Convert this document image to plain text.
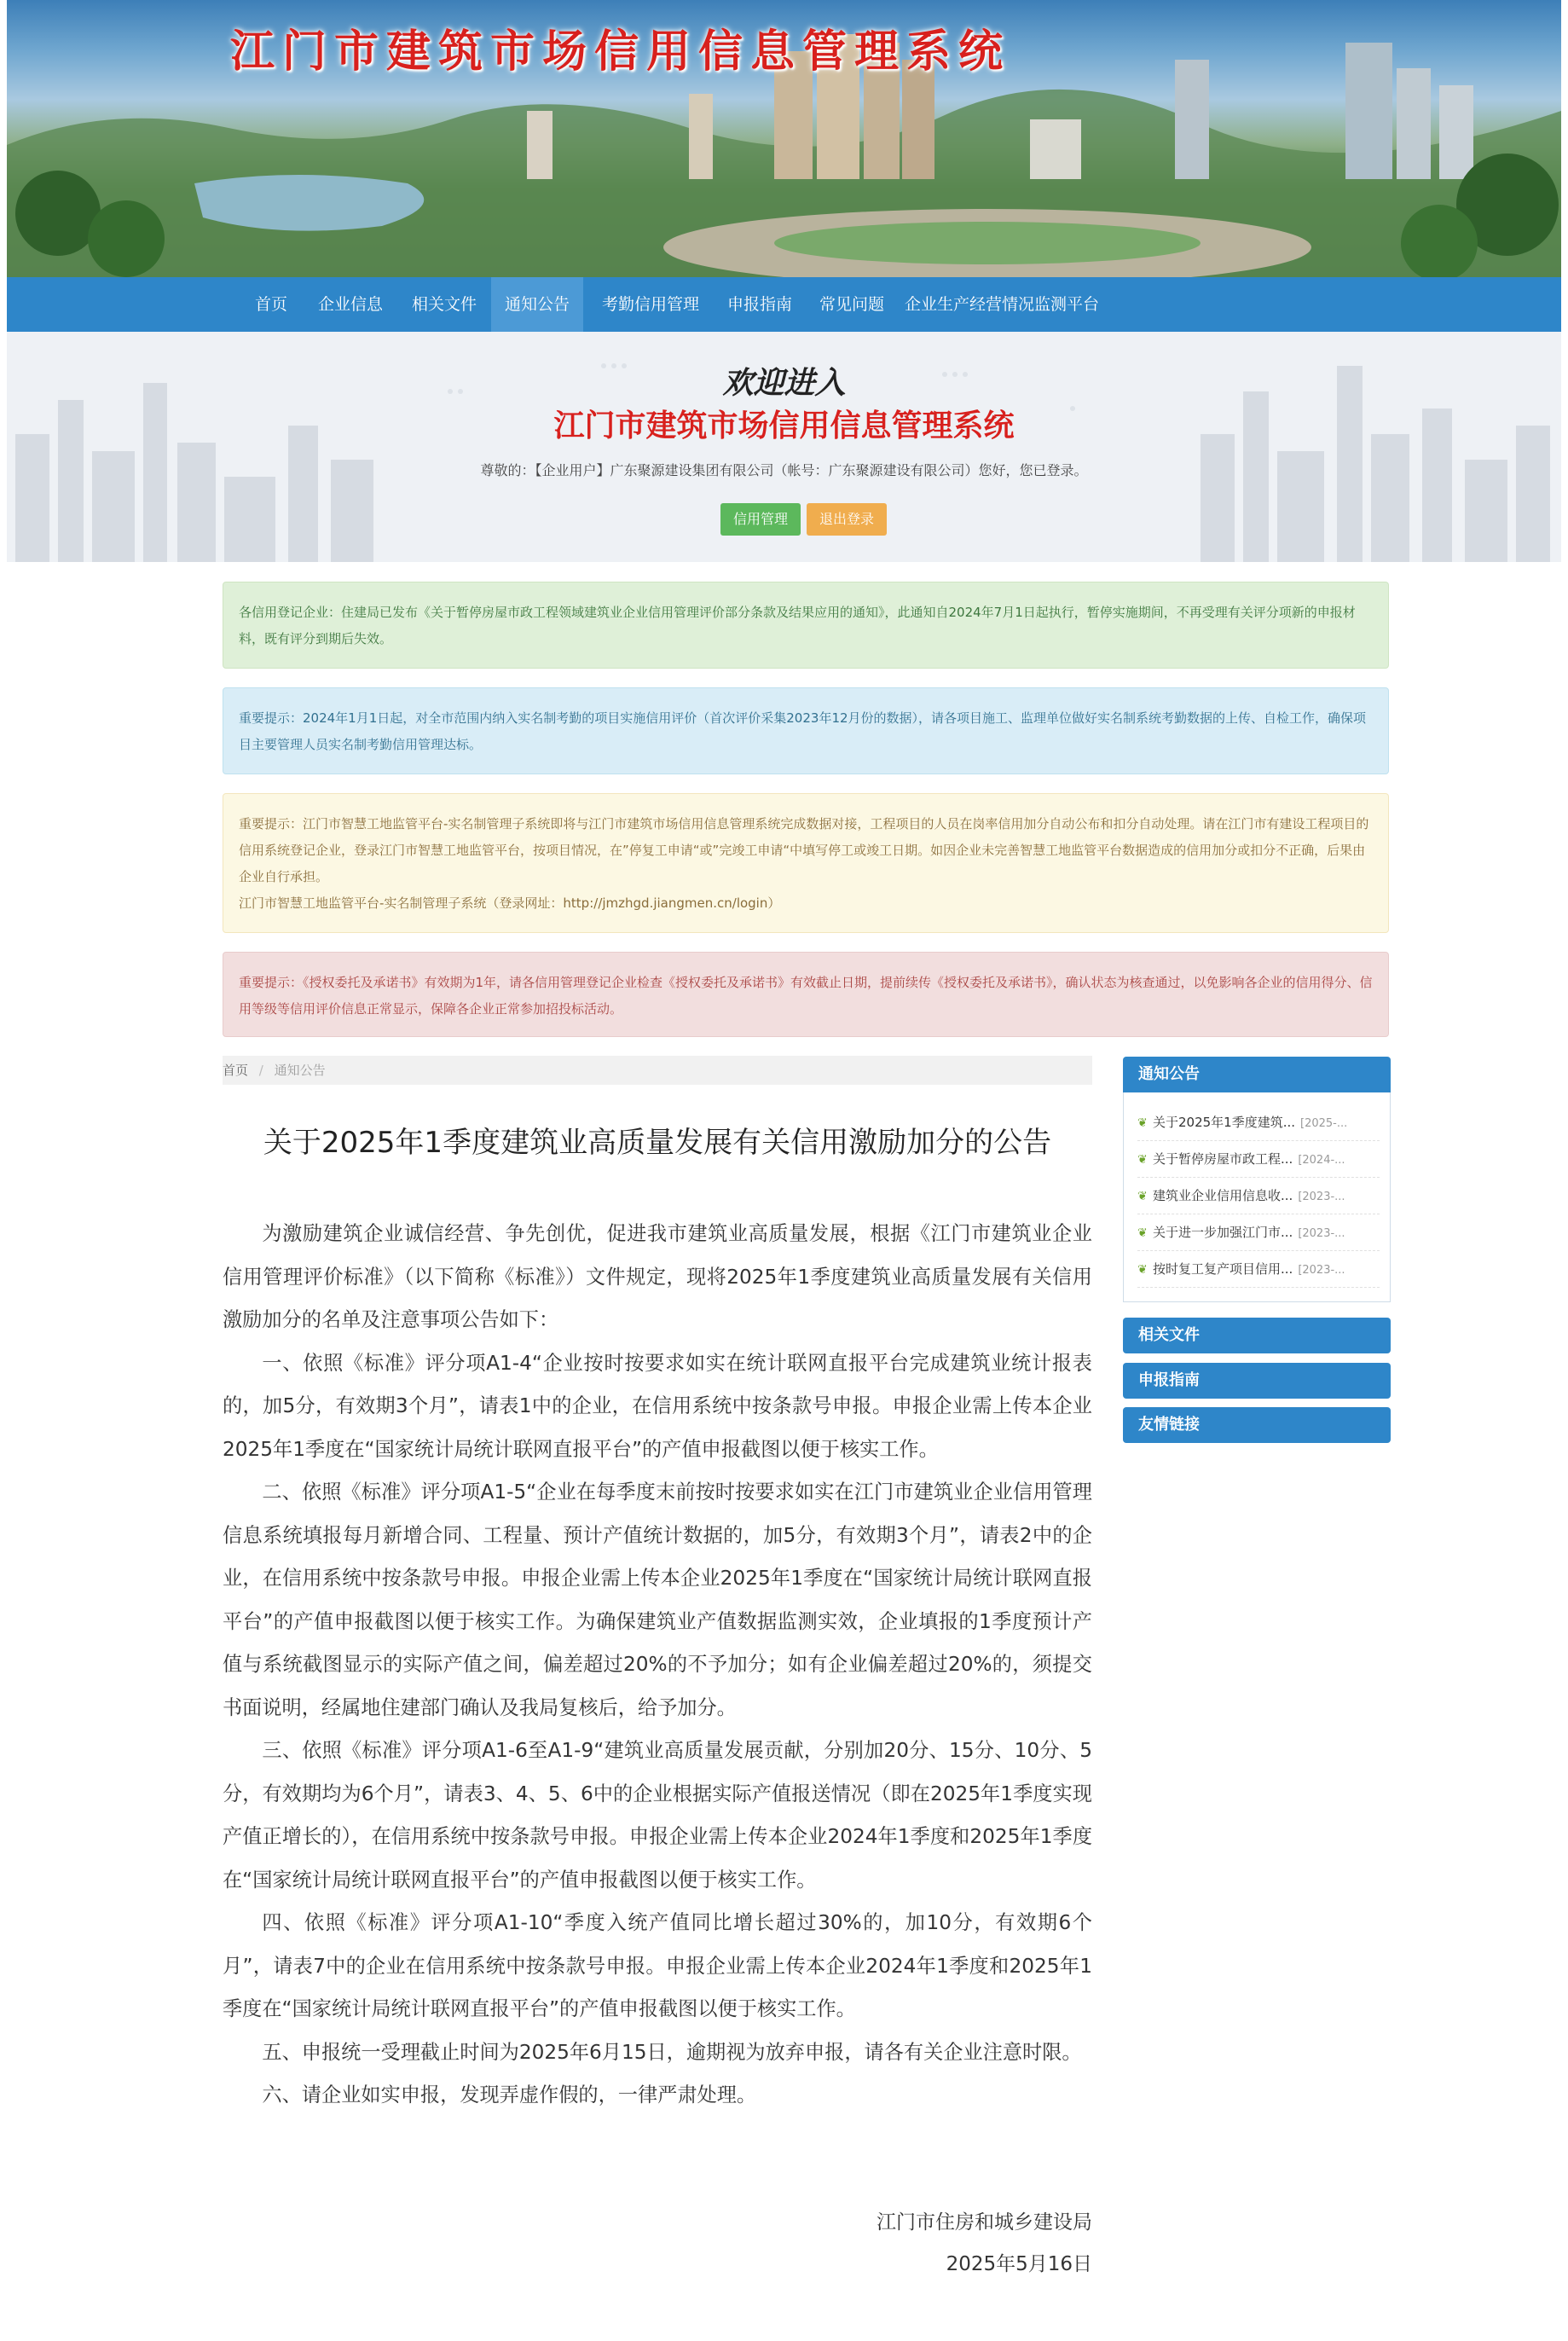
江门市建筑市场信用信息管理系统
首页	企业信息	相关文件	通知公告	考勤信用管理	申报指南	常见问题	企业生产经营情况监测平台
欢迎进入
江门市建筑市场信用信息管理系统
尊敬的：【企业用户】广东聚源建设集团有限公司（帐号：广东聚源建设有限公司）您好，您已登录。
信用管理	退出登录

各信用登记企业：住建局已发布《关于暂停房屋市政工程领域建筑业企业信用管理评价部分条款及结果应用的通知》，此通知自2024年7月1日起执行，暂停实施期间，不再受理有关评分项新的申报材料，既有评分到期后失效。

重要提示：2024年1月1日起，对全市范围内纳入实名制考勤的项目实施信用评价（首次评价采集2023年12月份的数据），请各项目施工、监理单位做好实名制系统考勤数据的上传、自检工作，确保项目主要管理人员实名制考勤信用管理达标。

重要提示：江门市智慧工地监管平台-实名制管理子系统即将与江门市建筑市场信用信息管理系统完成数据对接，工程项目的人员在岗率信用加分自动公布和扣分自动处理。请在江门市有建设工程项目的信用系统登记企业，登录江门市智慧工地监管平台，按项目情况，在”停复工申请“或”完竣工申请“中填写停工或竣工日期。如因企业未完善智慧工地监管平台数据造成的信用加分或扣分不正确，后果由企业自行承担。

江门市智慧工地监管平台-实名制管理子系统（登录网址：http://jmzhgd.jiangmen.cn/login）

重要提示：《授权委托及承诺书》有效期为1年，请各信用管理登记企业检查《授权委托及承诺书》有效截止日期，提前续传《授权委托及承诺书》，确认状态为核查通过，以免影响各企业的信用得分、信用等级等信用评价信息正常显示，保障各企业正常参加招投标活动。

首页 / 通知公告
关于2025年1季度建筑业高质量发展有关信用激励加分的公告

为激励建筑企业诚信经营、争先创优，促进我市建筑业高质量发展，根据《江门市建筑业企业信用管理评价标准》（以下简称《标准》）文件规定，现将2025年1季度建筑业高质量发展有关信用激励加分的名单及注意事项公告如下：

一、依照《标准》评分项A1-4“企业按时按要求如实在统计联网直报平台完成建筑业统计报表的，加5分，有效期3个月”，请表1中的企业，在信用系统中按条款号申报。申报企业需上传本企业2025年1季度在“国家统计局统计联网直报平台”的产值申报截图以便于核实工作。

二、依照《标准》评分项A1-5“企业在每季度末前按时按要求如实在江门市建筑业企业信用管理信息系统填报每月新增合同、工程量、预计产值统计数据的，加5分，有效期3个月”，请表2中的企业，在信用系统中按条款号申报。申报企业需上传本企业2025年1季度在“国家统计局统计联网直报平台”的产值申报截图以便于核实工作。为确保建筑业产值数据监测实效，企业填报的1季度预计产值与系统截图显示的实际产值之间，偏差超过20%的不予加分；如有企业偏差超过20%的，须提交书面说明，经属地住建部门确认及我局复核后，给予加分。

三、依照《标准》评分项A1-6至A1-9“建筑业高质量发展贡献，分别加20分、15分、10分、5分，有效期均为6个月”，请表3、4、5、6中的企业根据实际产值报送情况（即在2025年1季度实现产值正增长的），在信用系统中按条款号申报。申报企业需上传本企业2024年1季度和2025年1季度在“国家统计局统计联网直报平台”的产值申报截图以便于核实工作。

四、依照《标准》评分项A1-10“季度入统产值同比增长超过30%的，加10分，有效期6个月”，请表7中的企业在信用系统中按条款号申报。申报企业需上传本企业2024年1季度和2025年1季度在“国家统计局统计联网直报平台”的产值申报截图以便于核实工作。

五、申报统一受理截止时间为2025年6月15日，逾期视为放弃申报，请各有关企业注意时限。

六、请企业如实申报，发现弄虚作假的，一律严肃处理。

江门市住房和城乡建设局
2025年5月16日
通知公告
❦ 关于2025年1季度建筑... [2025-...
❦ 关于暂停房屋市政工程... [2024-...
❦ 建筑业企业信用信息收... [2023-...
❦ 关于进一步加强江门市... [2023-...
❦ 按时复工复产项目信用... [2023-...
相关文件
申报指南
友情链接
